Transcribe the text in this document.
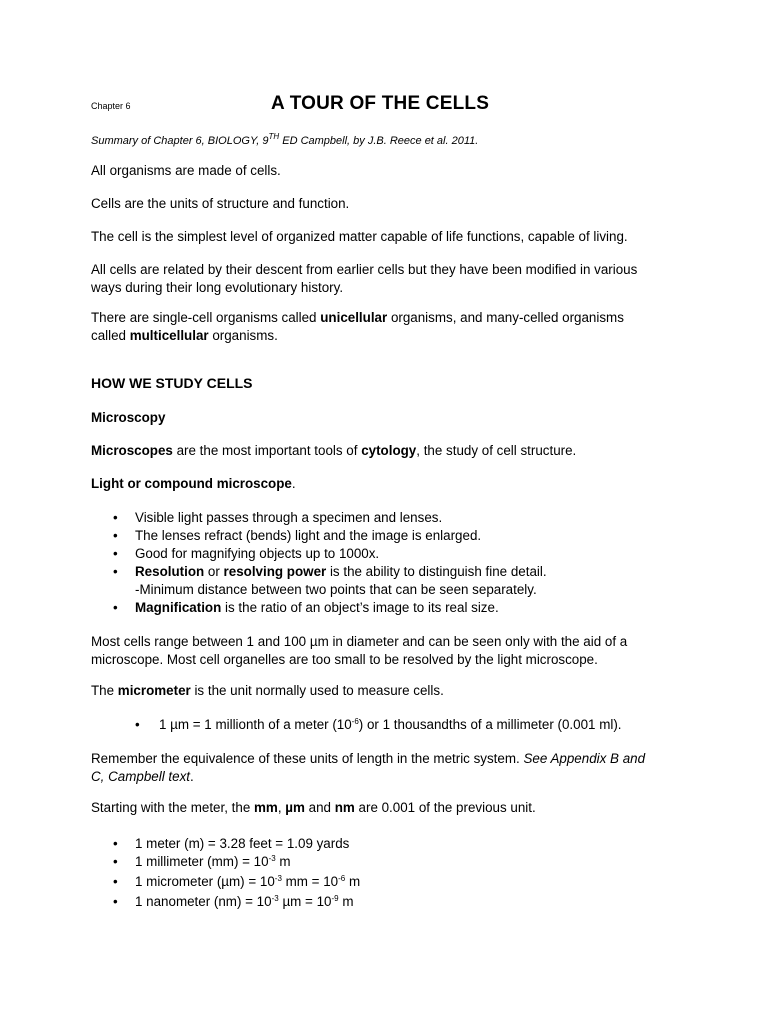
Chapter 6	A TOUR OF THE CELLS

Summary of Chapter 6, BIOLOGY, 9TH ED Campbell, by J.B. Reece et al. 2011.

All organisms are made of cells.

Cells are the units of structure and function.

The cell is the simplest level of organized matter capable of life functions, capable of living.

All cells are related by their descent from earlier cells but they have been modified in various
ways during their long evolutionary history.

There are single-cell organisms called unicellular organisms, and many-celled organisms
called multicellular organisms.

HOW WE STUDY CELLS

Microscopy

Microscopes are the most important tools of cytology, the study of cell structure.

Light or compound microscope.

• Visible light passes through a specimen and lenses.
• The lenses refract (bends) light and the image is enlarged.
• Good for magnifying objects up to 1000x.
• Resolution or resolving power is the ability to distinguish fine detail.
-Minimum distance between two points that can be seen separately.
• Magnification is the ratio of an object’s image to its real size.

Most cells range between 1 and 100 µm in diameter and can be seen only with the aid of a
microscope. Most cell organelles are too small to be resolved by the light microscope.

The micrometer is the unit normally used to measure cells.

• 1 µm = 1 millionth of a meter $(10^{-6})$ or 1 thousandths of a millimeter (0.001 ml).

Remember the equivalence of these units of length in the metric system. See Appendix B and
C, Campbell text.

Starting with the meter, the mm, µm and nm are 0.001 of the previous unit.

• 1 meter (m) = 3.28 feet = 1.09 yards
• 1 millimeter $(mm) = 10^{-3}$ m
• 1 micrometer $(\mu m) = 10^{-3}$ mm = $10^{-6}$ m
• 1 nanometer $(nm) = 10^{-3}$ $\mu m = 10^{-9}$ m
